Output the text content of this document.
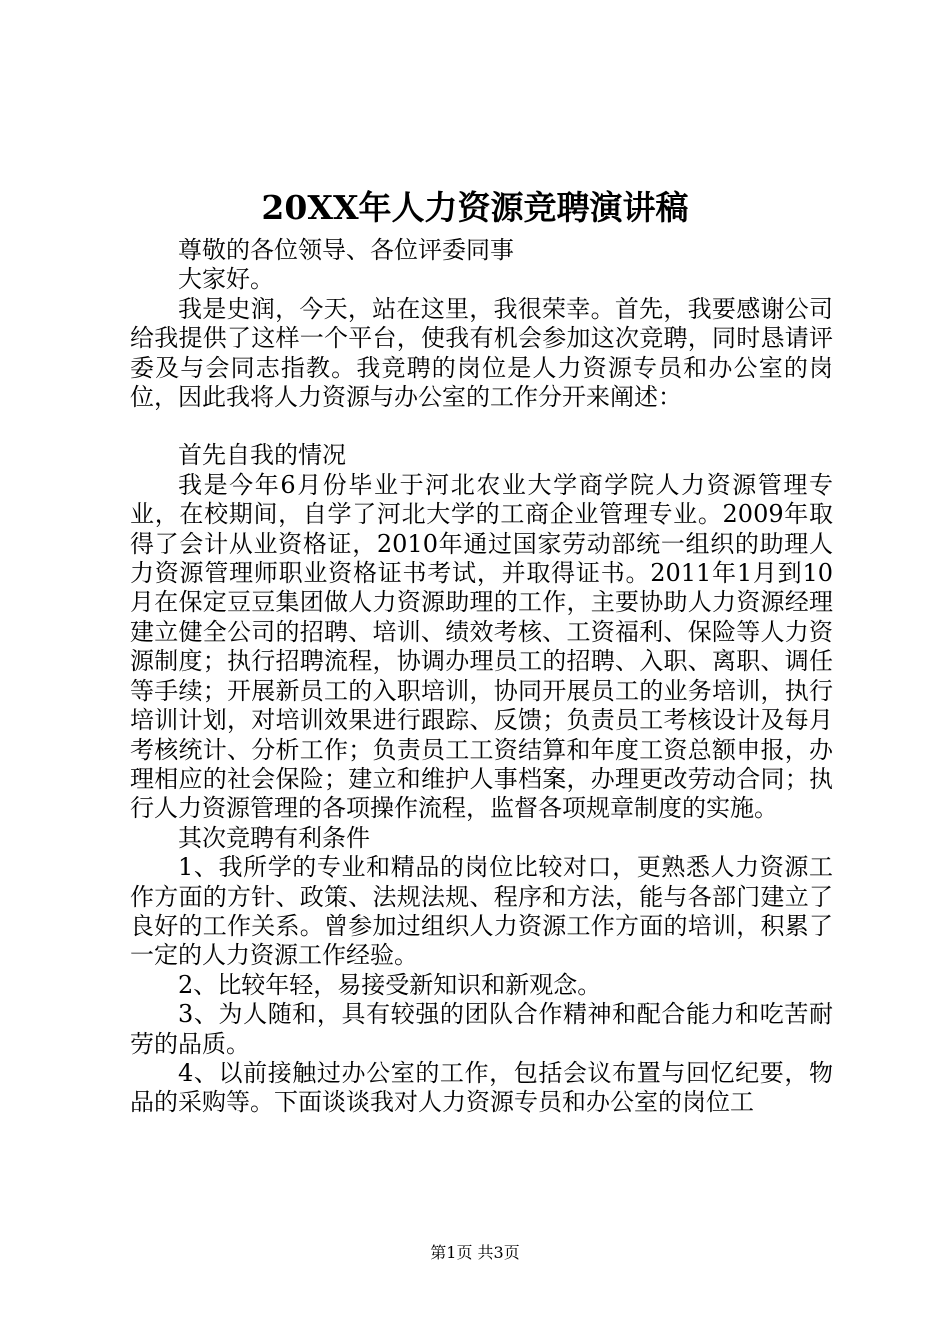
20XX年人力资源竞聘演讲稿

尊敬的各位领导、各位评委同事

大家好。

我是史润，今天，站在这里，我很荣幸。首先，我要感谢公司给我提供了这样一个平台，使我有机会参加这次竞聘，同时恳请评委及与会同志指教。我竞聘的岗位是人力资源专员和办公室的岗位，因此我将人力资源与办公室的工作分开来阐述：

首先自我的情况

我是今年6月份毕业于河北农业大学商学院人力资源管理专业，在校期间，自学了河北大学的工商企业管理专业。2009年取得了会计从业资格证，2010年通过国家劳动部统一组织的助理人力资源管理师职业资格证书考试，并取得证书。2011年1月到10月在保定豆豆集团做人力资源助理的工作，主要协助人力资源经理建立健全公司的招聘、培训、绩效考核、工资福利、保险等人力资源制度；执行招聘流程，协调办理员工的招聘、入职、离职、调任等手续；开展新员工的入职培训，协同开展员工的业务培训，执行培训计划，对培训效果进行跟踪、反馈；负责员工考核设计及每月考核统计、分析工作；负责员工工资结算和年度工资总额申报，办理相应的社会保险；建立和维护人事档案，办理更改劳动合同；执行人力资源管理的各项操作流程，监督各项规章制度的实施。

其次竞聘有利条件

1、我所学的专业和精品的岗位比较对口，更熟悉人力资源工作方面的方针、政策、法规法规、程序和方法，能与各部门建立了良好的工作关系。曾参加过组织人力资源工作方面的培训，积累了一定的人力资源工作经验。

2、比较年轻，易接受新知识和新观念。

3、为人随和，具有较强的团队合作精神和配合能力和吃苦耐劳的品质。

4、以前接触过办公室的工作，包括会议布置与回忆纪要，物品的采购等。下面谈谈我对人力资源专员和办公室的岗位工

第1页 共3页
